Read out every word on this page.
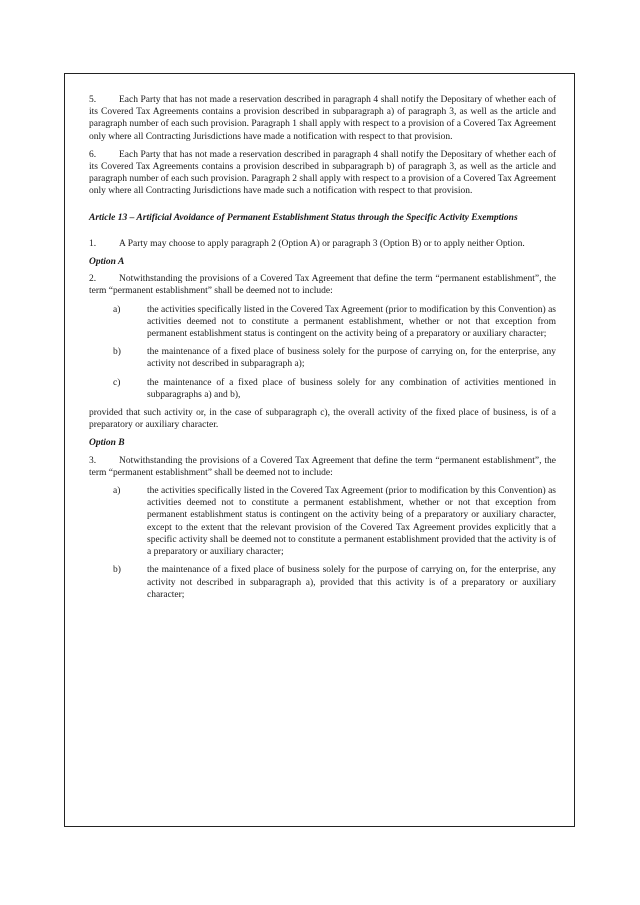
5. Each Party that has not made a reservation described in paragraph 4 shall notify the Depositary of whether each of its Covered Tax Agreements contains a provision described in subparagraph a) of paragraph 3, as well as the article and paragraph number of each such provision. Paragraph 1 shall apply with respect to a provision of a Covered Tax Agreement only where all Contracting Jurisdictions have made a notification with respect to that provision.

6. Each Party that has not made a reservation described in paragraph 4 shall notify the Depositary of whether each of its Covered Tax Agreements contains a provision described in subparagraph b) of paragraph 3, as well as the article and paragraph number of each such provision. Paragraph 2 shall apply with respect to a provision of a Covered Tax Agreement only where all Contracting Jurisdictions have made such a notification with respect to that provision.

Article 13 – Artificial Avoidance of Permanent Establishment Status through the Specific Activity Exemptions

1. A Party may choose to apply paragraph 2 (Option A) or paragraph 3 (Option B) or to apply neither Option.

Option A

2. Notwithstanding the provisions of a Covered Tax Agreement that define the term “permanent establishment”, the term “permanent establishment” shall be deemed not to include:

a)	the activities specifically listed in the Covered Tax Agreement (prior to modification by this Convention) as activities deemed not to constitute a permanent establishment, whether or not that exception from permanent establishment status is contingent on the activity being of a preparatory or auxiliary character;
b)	the maintenance of a fixed place of business solely for the purpose of carrying on, for the enterprise, any activity not described in subparagraph a);
c)	the maintenance of a fixed place of business solely for any combination of activities mentioned in subparagraphs a) and b),

provided that such activity or, in the case of subparagraph c), the overall activity of the fixed place of business, is of a preparatory or auxiliary character.

Option B

3. Notwithstanding the provisions of a Covered Tax Agreement that define the term “permanent establishment”, the term “permanent establishment” shall be deemed not to include:

a)	the activities specifically listed in the Covered Tax Agreement (prior to modification by this Convention) as activities deemed not to constitute a permanent establishment, whether or not that exception from permanent establishment status is contingent on the activity being of a preparatory or auxiliary character, except to the extent that the relevant provision of the Covered Tax Agreement provides explicitly that a specific activity shall be deemed not to constitute a permanent establishment provided that the activity is of a preparatory or auxiliary character;
b)	the maintenance of a fixed place of business solely for the purpose of carrying on, for the enterprise, any activity not described in subparagraph a), provided that this activity is of a preparatory or auxiliary character;
